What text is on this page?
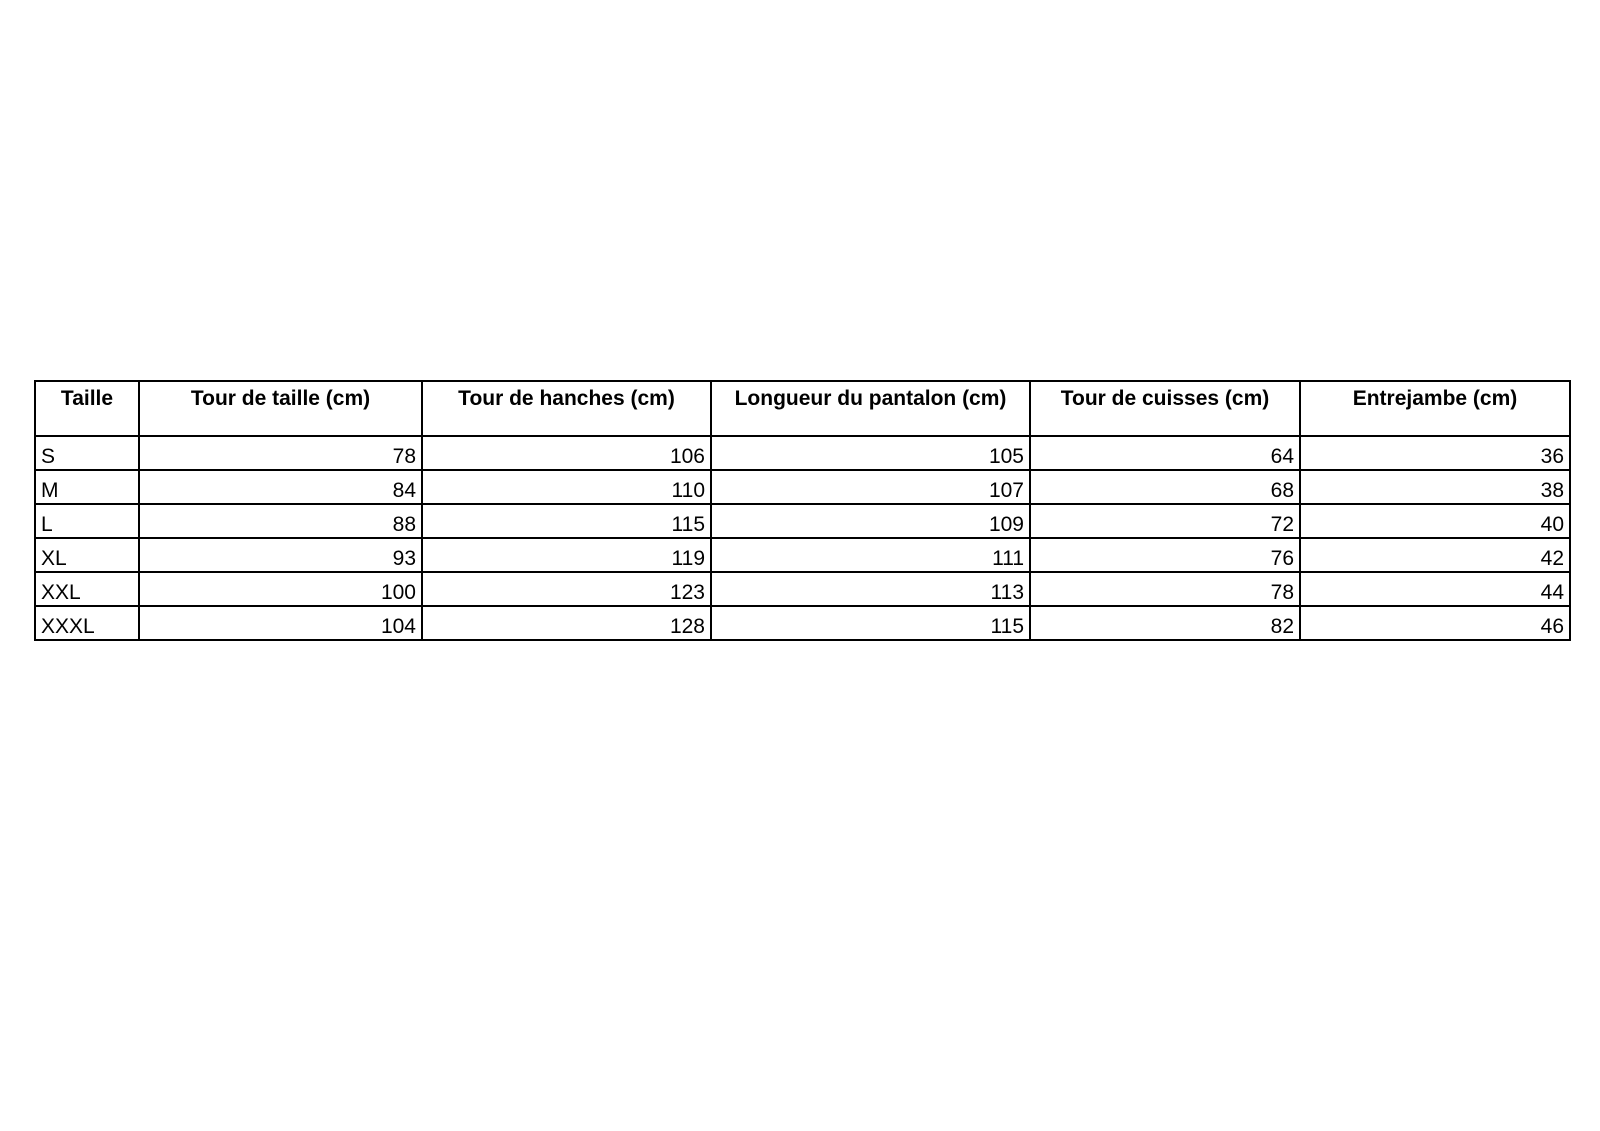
Taille	Tour de taille (cm)	Tour de hanches (cm)	Longueur du pantalon (cm)	Tour de cuisses (cm)	Entrejambe (cm)
S	78	106	105	64	36
M	84	110	107	68	38
L	88	115	109	72	40
XL	93	119	111	76	42
XXL	100	123	113	78	44
XXXL	104	128	115	82	46
